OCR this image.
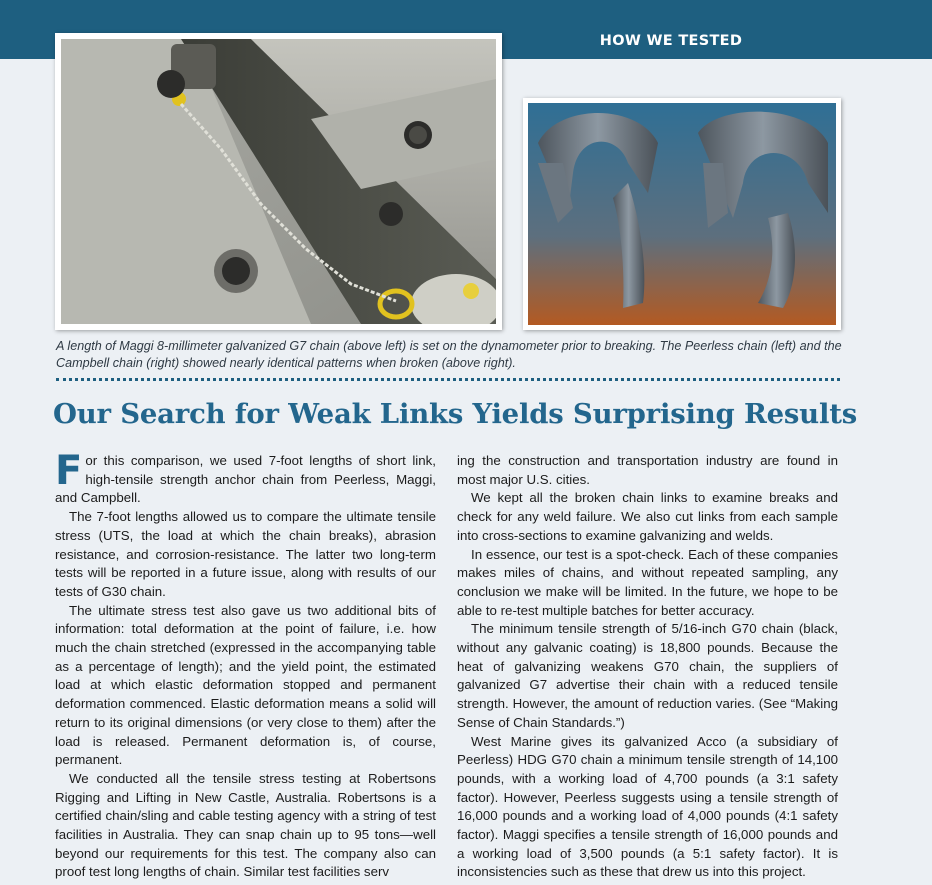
HOW WE TESTED
A length of Maggi 8-millimeter galvanized G7 chain (above left) is set on the dynamometer prior to breaking. The Peerless chain (left) and the Campbell chain (right) showed nearly identical patterns when broken (above right).
Our Search for Weak Links Yields Surprising Results

For this comparison, we used 7-foot lengths of short link, high-tensile strength anchor chain from Peerless, Maggi, and Campbell.

The 7-foot lengths allowed us to compare the ultimate tensile stress (UTS, the load at which the chain breaks), abrasion resistance, and corrosion-resistance. The latter two long-term tests will be reported in a future issue, along with results of our tests of G30 chain.

The ultimate stress test also gave us two additional bits of information: total deformation at the point of failure, i.e. how much the chain stretched (expressed in the accompanying table as a percentage of length); and the yield point, the estimated load at which elastic deformation stopped and permanent deformation commenced. Elastic deformation means a solid will return to its original dimensions (or very close to them) after the load is released. Permanent deformation is, of course, permanent.

We conducted all the tensile stress testing at Robertsons Rigging and Lifting in New Castle, Australia. Robertsons is a certified chain/sling and cable testing agency with a string of test facilities in Australia. They can snap chain up to 95 tons—well beyond our requirements for this test. The company also can proof test long lengths of chain. Similar test facilities serv

ing the construction and transportation industry are found in most major U.S. cities.

We kept all the broken chain links to examine breaks and check for any weld failure. We also cut links from each sample into cross-sections to examine galvanizing and welds.

In essence, our test is a spot-check. Each of these companies makes miles of chains, and without repeated sampling, any conclusion we make will be limited. In the future, we hope to be able to re-test multiple batches for better accuracy.

The minimum tensile strength of 5/16-inch G70 chain (black, without any galvanic coating) is 18,800 pounds. Because the heat of galvanizing weakens G70 chain, the suppliers of galvanized G7 advertise their chain with a reduced tensile strength. However, the amount of reduction varies. (See “Making Sense of Chain Standards.”)

West Marine gives its galvanized Acco (a subsidiary of Peerless) HDG G70 chain a minimum tensile strength of 14,100 pounds, with a working load of 4,700 pounds (a 3:1 safety factor). However, Peerless suggests using a tensile strength of 16,000 pounds and a working load of 4,000 pounds (4:1 safety factor). Maggi specifies a tensile strength of 16,000 pounds and a working load of 3,500 pounds (a 5:1 safety factor). It is inconsistencies such as these that drew us into this project.
